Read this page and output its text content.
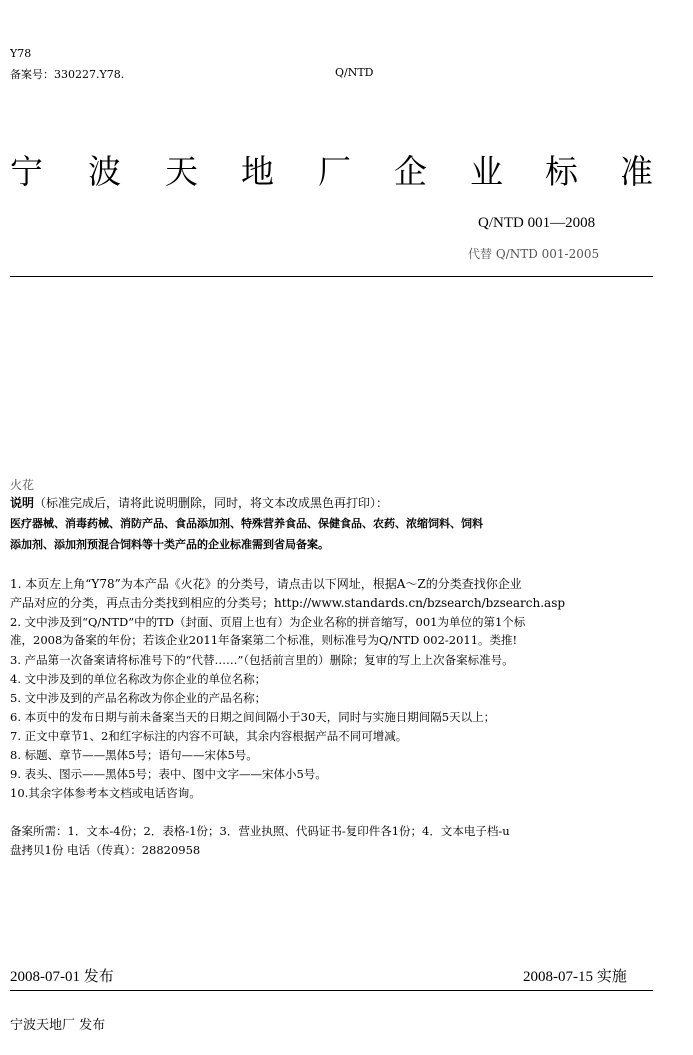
Y78
备案号：330227.Y78.	Q/NTD
宁 波 天 地 厂 企 业 标 准
Q/NTD 001—2008
代替 Q/NTD 001-2005
火花
说明（标准完成后，请将此说明删除，同时，将文本改成黑色再打印）：
医疗器械、消毒药械、消防产品、食品添加剂、特殊营养食品、保健食品、农药、浓缩饲料、饲料
添加剂、添加剂预混合饲料等十类产品的企业标准需到省局备案。
1. 本页左上角“Y78”为本产品《火花》的分类号，请点击以下网址，根据A～Z的分类查找你企业
产品对应的分类，再点击分类找到相应的分类号；http://www.standards.cn/bzsearch/bzsearch.asp
2. 文中涉及到“Q/NTD”中的TD（封面、页眉上也有）为企业名称的拼音缩写，001为单位的第1个标
准，2008为备案的年份；若该企业2011年备案第二个标准，则标准号为Q/NTD 002-2011。类推!
3. 产品第一次备案请将标准号下的“代替……”（包括前言里的）删除；复审的写上上次备案标准号。
4. 文中涉及到的单位名称改为你企业的单位名称；
5. 文中涉及到的产品名称改为你企业的产品名称；
6. 本页中的发布日期与前未备案当天的日期之间间隔小于30天，同时与实施日期间隔5天以上；
7. 正文中章节1、2和红字标注的内容不可缺，其余内容根据产品不同可增减。
8. 标题、章节——黑体5号；语句——宋体5号。
9. 表头、图示——黑体5号；表中、图中文字——宋体小5号。
10.其余字体参考本文档或电话咨询。
备案所需：1．文本-4份；2．表格-1份；3．营业执照、代码证书-复印件各1份；4．文本电子档-u
盘拷贝1份 电话（传真）：28820958
2008-07-01 发布	2008-07-15 实施
宁波天地厂 发布
